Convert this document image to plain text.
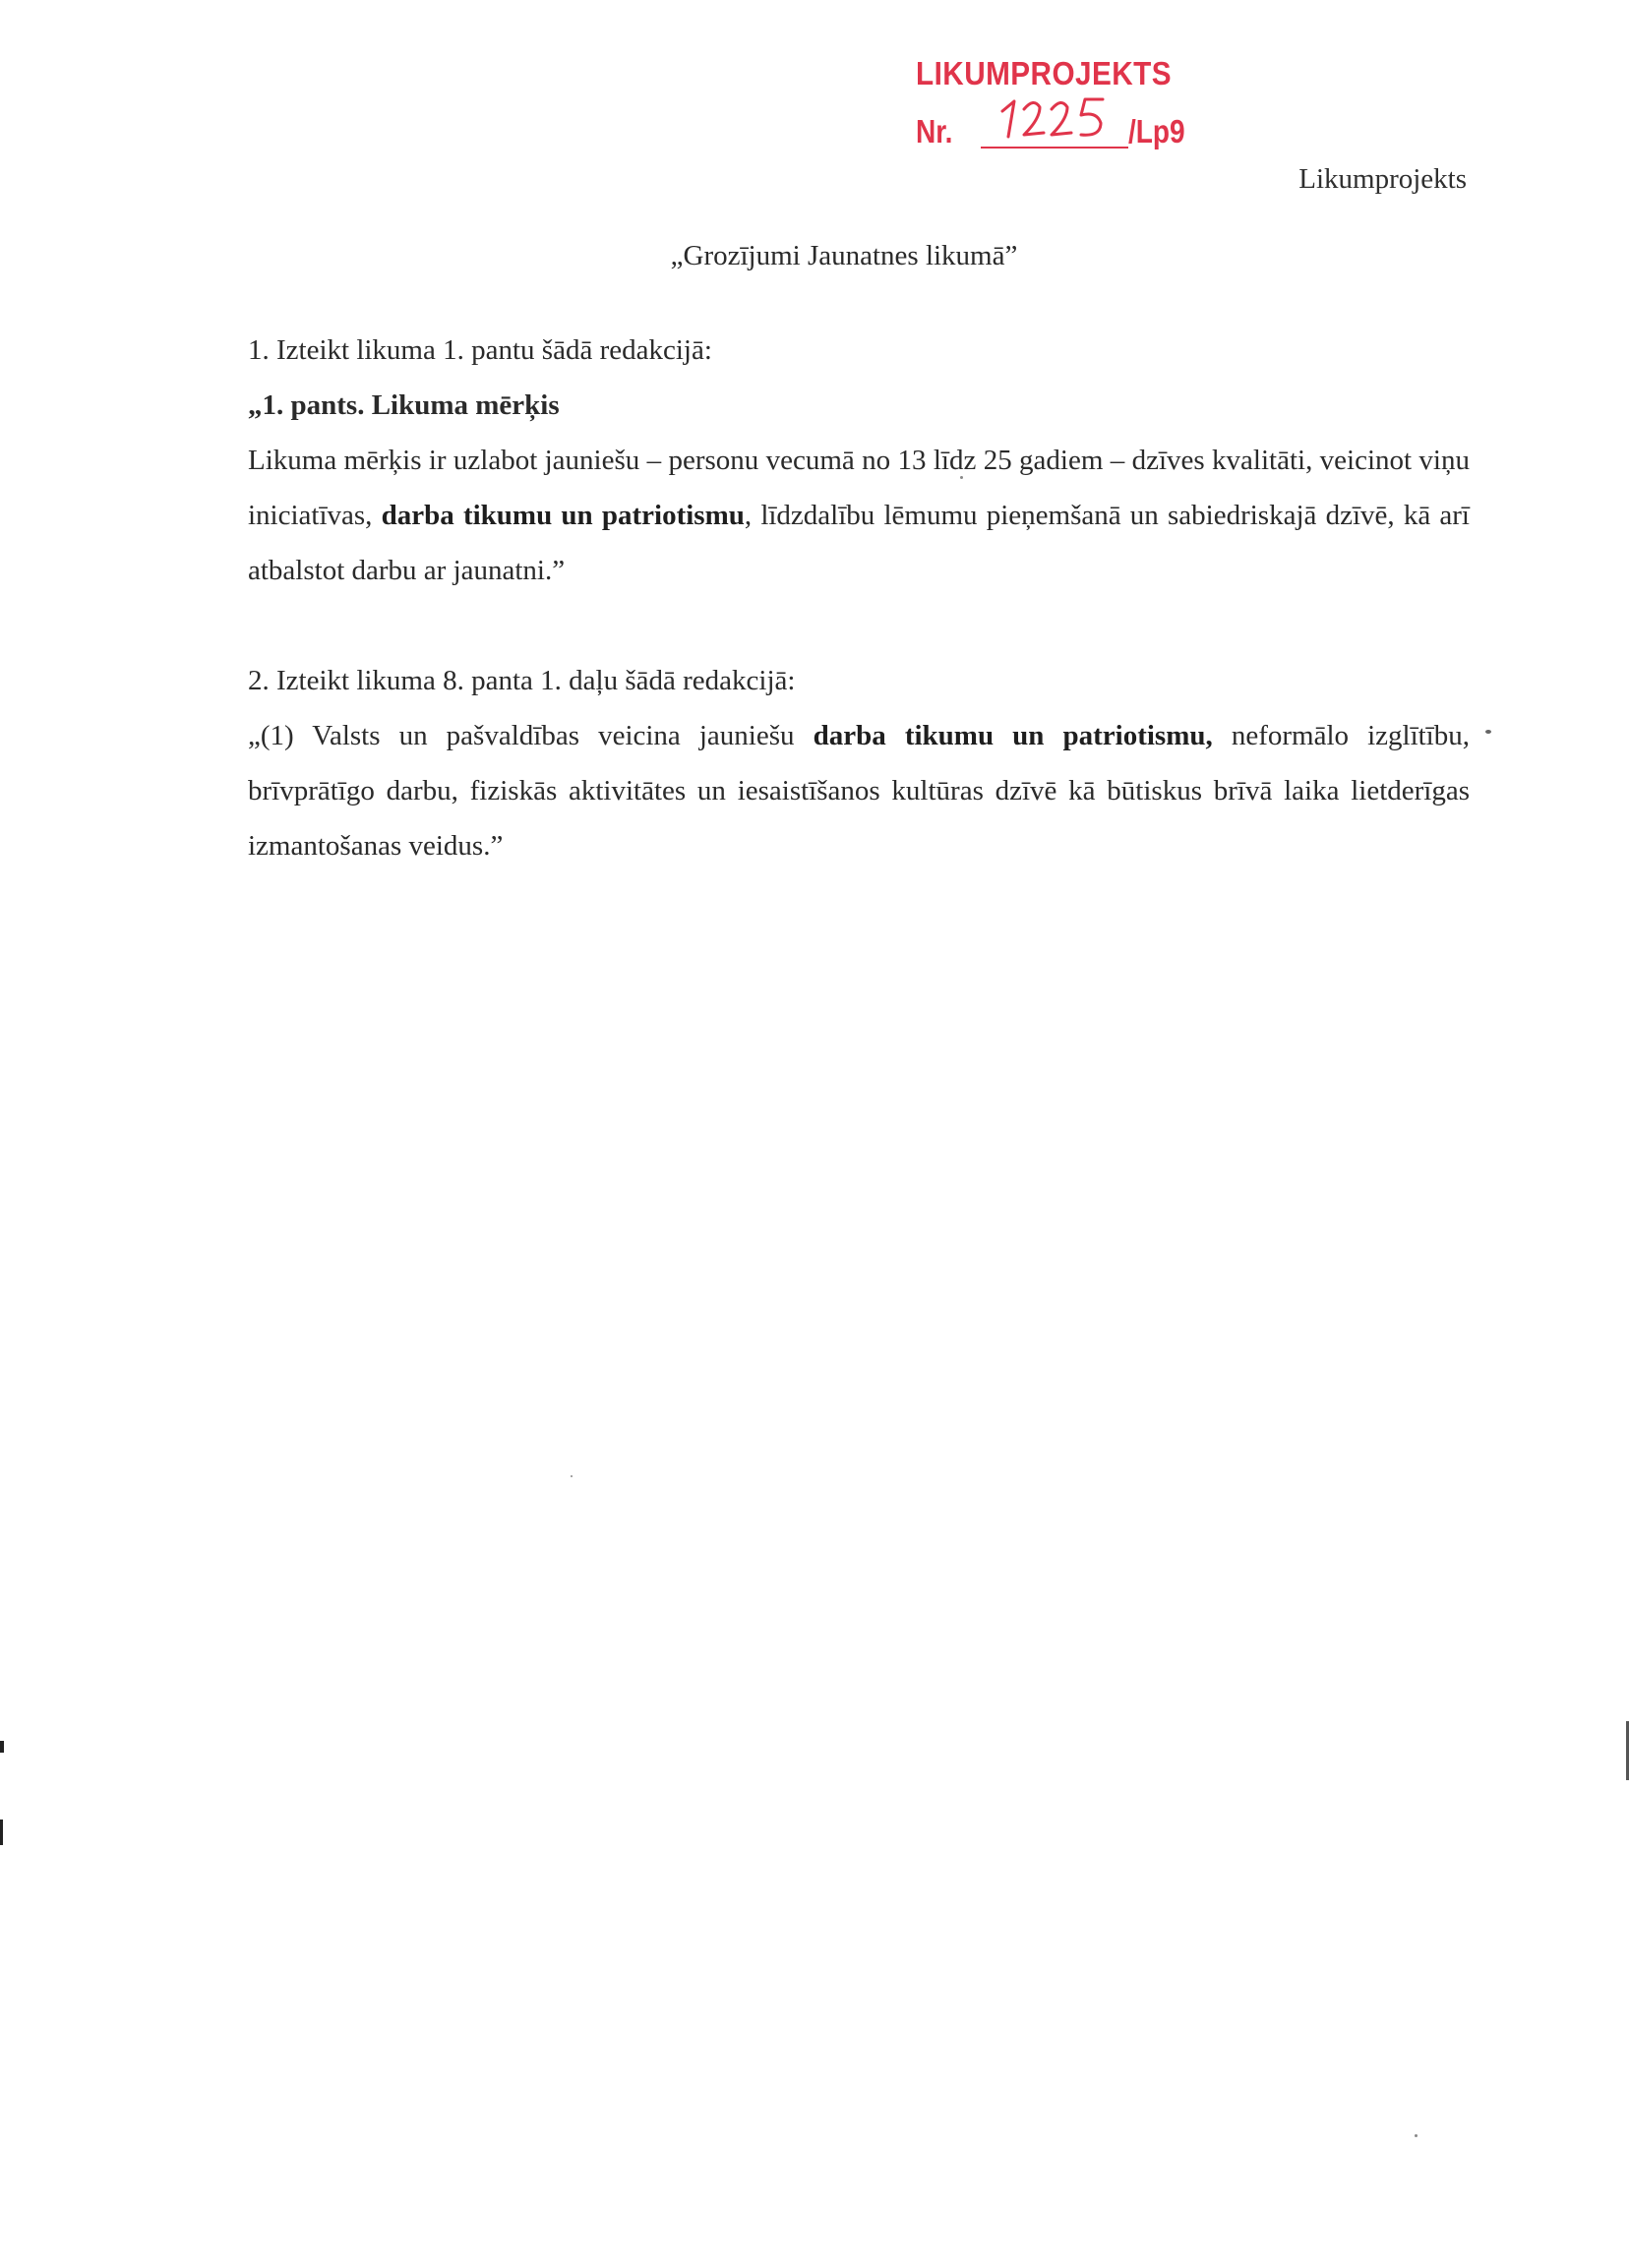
LIKUMPROJEKTS
Nr.	/Lp9
Likumprojekts
„Grozījumi Jaunatnes likumā”

1. Izteikt likuma 1. pantu šādā redakcijā:

„1. pants. Likuma mērķis

Likuma mērķis ir uzlabot jauniešu – personu vecumā no 13 līdz 25 gadiem – dzīves kvalitāti, veicinot viņu iniciatīvas, darba tikumu un patriotismu, līdzdalību lēmumu pieņemšanā un sabiedriskajā dzīvē, kā arī atbalstot darbu ar jaunatni.”

2. Izteikt likuma 8. panta 1. daļu šādā redakcijā:

„(1) Valsts un pašvaldības veicina jauniešu darba tikumu un patriotismu, neformālo izglītību, brīvprātīgo darbu, fiziskās aktivitātes un iesaistīšanos kultūras dzīvē kā būtiskus brīvā laika lietderīgas izmantošanas veidus.”
